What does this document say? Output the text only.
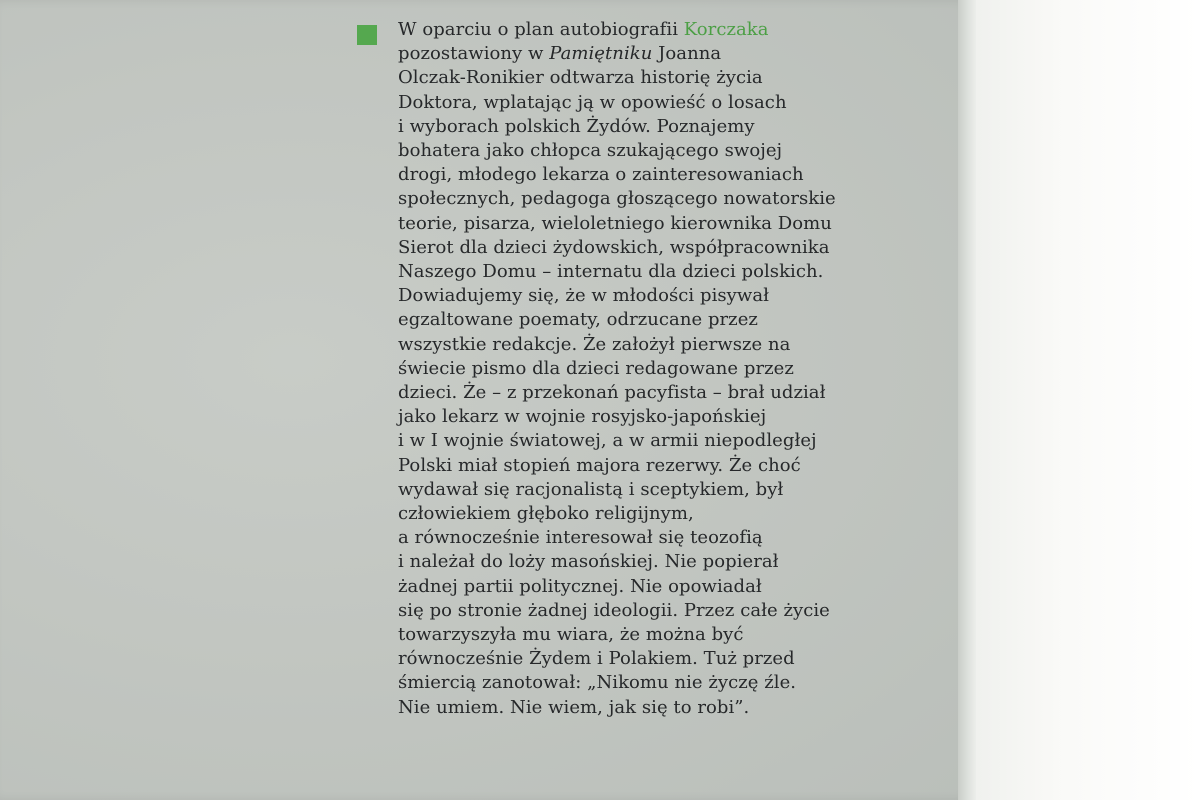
W oparciu o plan autobiografii Korczaka
pozostawiony w Pamiętniku Joanna
Olczak-Ronikier odtwarza historię życia
Doktora, wplatając ją w opowieść o losach
i wyborach polskich Żydów. Poznajemy
bohatera jako chłopca szukającego swojej
drogi, młodego lekarza o zainteresowaniach
społecznych, pedagoga głoszącego nowatorskie
teorie, pisarza, wieloletniego kierownika Domu
Sierot dla dzieci żydowskich, współpracownika
Naszego Domu – internatu dla dzieci polskich.
Dowiadujemy się, że w młodości pisywał
egzaltowane poematy, odrzucane przez
wszystkie redakcje. Że założył pierwsze na
świecie pismo dla dzieci redagowane przez
dzieci. Że – z przekonań pacyfista – brał udział
jako lekarz w wojnie rosyjsko-japońskiej
i w I wojnie światowej, a w armii niepodległej
Polski miał stopień majora rezerwy. Że choć
wydawał się racjonalistą i sceptykiem, był
człowiekiem głęboko religijnym,
a równocześnie interesował się teozofią
i należał do loży masońskiej. Nie popierał
żadnej partii politycznej. Nie opowiadał
się po stronie żadnej ideologii. Przez całe życie
towarzyszyła mu wiara, że można być
równocześnie Żydem i Polakiem. Tuż przed
śmiercią zanotował: „Nikomu nie życzę źle.
Nie umiem. Nie wiem, jak się to robi”.
